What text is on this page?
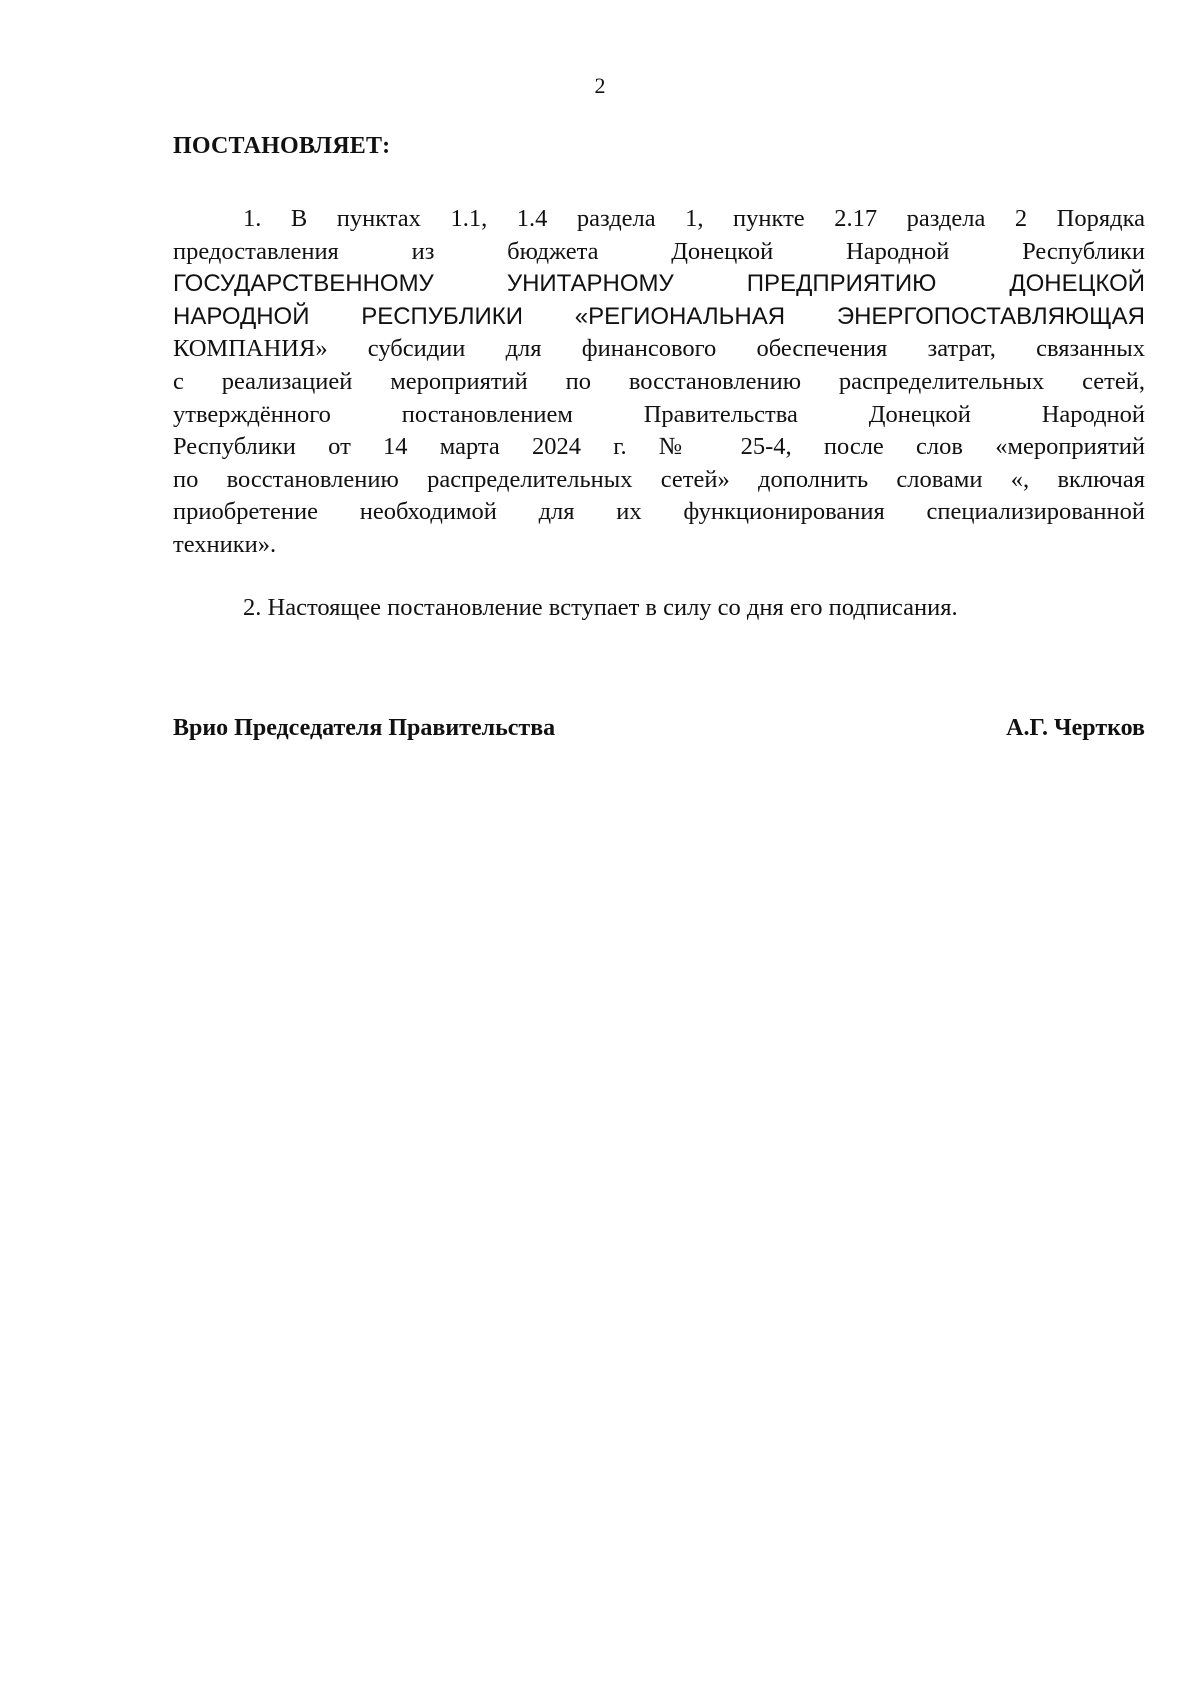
2
ПОСТАНОВЛЯЕТ:
1. В пунктах 1.1, 1.4 раздела 1, пункте 2.17 раздела 2 Порядка
предоставления из бюджета Донецкой Народной Республики
ГОСУДАРСТВЕННОМУ УНИТАРНОМУ ПРЕДПРИЯТИЮ ДОНЕЦКОЙ
НАРОДНОЙ РЕСПУБЛИКИ «РЕГИОНАЛЬНАЯ ЭНЕРГОПОСТАВЛЯЮЩАЯ
КОМПАНИЯ» субсидии для финансового обеспечения затрат, связанных
с реализацией мероприятий по восстановлению распределительных сетей,
утверждённого постановлением Правительства Донецкой Народной
Республики от 14 марта 2024 г. № 25-4, после слов «мероприятий
по восстановлению распределительных сетей» дополнить словами «, включая
приобретение необходимой для их функционирования специализированной
техники».
2. Настоящее постановление вступает в силу со дня его подписания.
Врио Председателя Правительства	А.Г. Чертков
